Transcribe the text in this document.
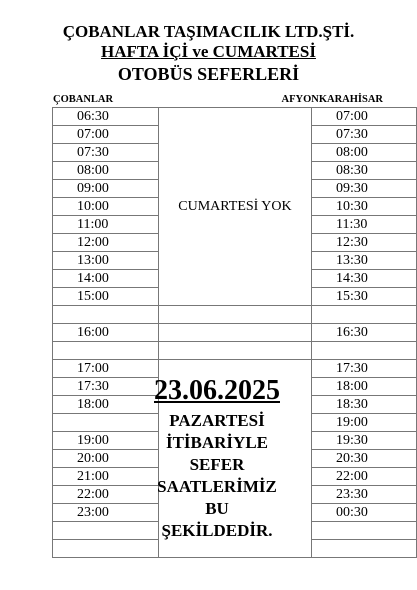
ÇOBANLAR TAŞIMACILIK LTD.ŞTİ.
HAFTA İÇİ ve CUMARTESİ
OTOBÜS SEFERLERİ
ÇOBANLAR	AFYONKARAHİSAR
06:30	CUMARTESİ YOK	07:00
07:00		07:30
07:30		08:00
08:00		08:30
09:00		09:30
10:00		10:30
11:00		11:30
12:00		12:30
13:00		13:30
14:00		14:30
15:00		15:30

16:00		16:30

17:00		17:30
17:30		18:00
18:00		18:30
		19:00
19:00		19:30
20:00		20:30
21:00		22:00
22:00		23:30
23:00		00:30

23.06.2025
PAZARTESİ
İTİBARİYLE
SEFER
SAATLERİMİZ
BU
ŞEKİLDEDİR.
